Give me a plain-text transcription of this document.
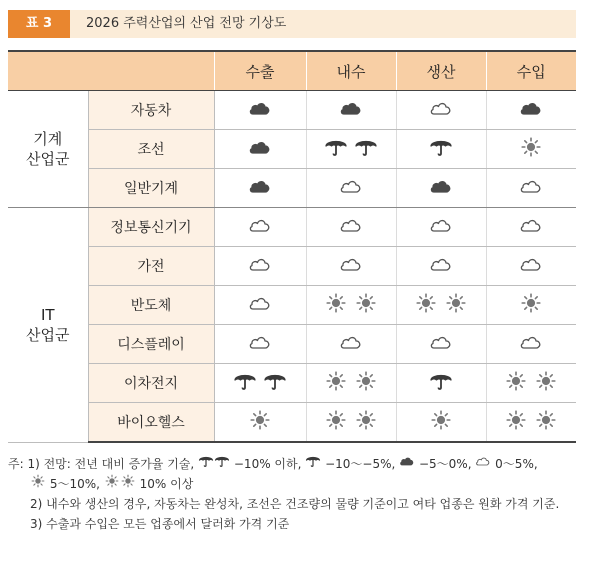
표 3	2026 주력산업의 산업 전망 기상도
		수출	내수	생산	수입

기계
산업군	자동차	

	조선	

	일반기계	

IT
산업군	정보통신기기	

	가전	

	반도체	

	디스플레이	

	이차전지	

	바이오헬스	

주: 1) 전망: 전년 대비 증가율 기술,	−10% 이하, −10〜−5%, −5〜0%, 0〜5%,
5〜10%,	10% 이상
2) 내수와 생산의 경우, 자동차는 완성차, 조선은 건조량의 물량 기준이고 여타 업종은 원화 가격 기준.
3) 수출과 수입은 모든 업종에서 달러화 가격 기준
